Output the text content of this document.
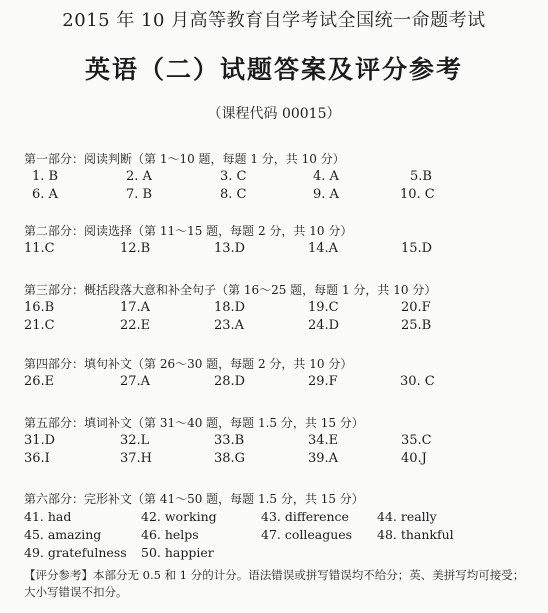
2015 年 10 月高等教育自学考试全国统一命题考试
英语（二）试题答案及评分参考
（课程代码 00015）
第一部分：阅读判断（第 1～10 题，每题 1 分，共 10 分）
1. B	2. A	3. C	4. A	5.B
6. A	7. B	8. C	9. A	10. C
第二部分：阅读选择（第 11～15 题，每题 2 分，共 10 分）
11.C	12.B	13.D	14.A	15.D
第三部分：概括段落大意和补全句子（第 16～25 题，每题 1 分，共 10 分）
16.B	17.A	18.D	19.C	20.F
21.C	22.E	23.A	24.D	25.B
第四部分：填句补文（第 26～30 题，每题 2 分，共 10 分）
26.E	27.A	28.D	29.F	30. C
第五部分：填词补文（第 31～40 题，每题 1.5 分，共 15 分）
31.D	32.L	33.B	34.E	35.C
36.I	37.H	38.G	39.A	40.J
第六部分：完形补文（第 41～50 题，每题 1.5 分，共 15 分）
41. had	42. working	43. difference 44. really
45. amazing	46. helps	47. colleagues 48. thankful
49. gratefulness 50. happier
【评分参考】本部分无 0.5 和 1 分的计分。语法错误或拼写错误均不给分；英、美拼写均可接受；大小写错误不扣分。
